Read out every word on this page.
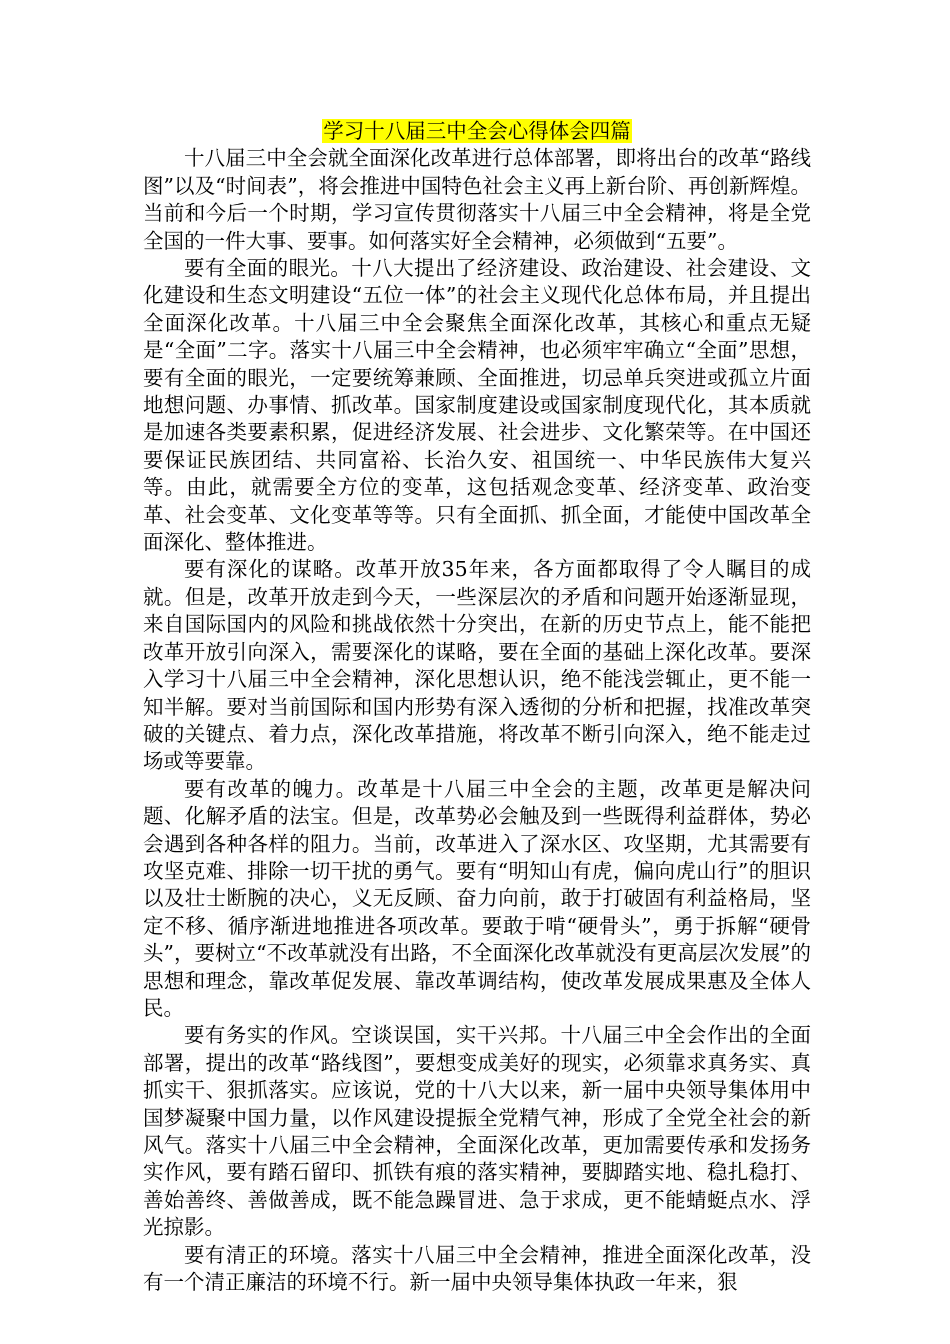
学习十八届三中全会心得体会四篇

十八届三中全会就全面深化改革进行总体部署，即将出台的改革“路线图”以及“时间表”，将会推进中国特色社会主义再上新台阶、再创新辉煌。当前和今后一个时期，学习宣传贯彻落实十八届三中全会精神，将是全党全国的一件大事、要事。如何落实好全会精神，必须做到“五要”。

要有全面的眼光。十八大提出了经济建设、政治建设、社会建设、文化建设和生态文明建设“五位一体”的社会主义现代化总体布局，并且提出全面深化改革。十八届三中全会聚焦全面深化改革，其核心和重点无疑是“全面”二字。落实十八届三中全会精神，也必须牢牢确立“全面”思想，要有全面的眼光，一定要统筹兼顾、全面推进，切忌单兵突进或孤立片面地想问题、办事情、抓改革。国家制度建设或国家制度现代化，其本质就是加速各类要素积累，促进经济发展、社会进步、文化繁荣等。在中国还要保证民族团结、共同富裕、长治久安、祖国统一、中华民族伟大复兴等。由此，就需要全方位的变革，这包括观念变革、经济变革、政治变革、社会变革、文化变革等等。只有全面抓、抓全面，才能使中国改革全面深化、整体推进。

要有深化的谋略。改革开放35年来，各方面都取得了令人瞩目的成就。但是，改革开放走到今天，一些深层次的矛盾和问题开始逐渐显现，来自国际国内的风险和挑战依然十分突出，在新的历史节点上，能不能把改革开放引向深入，需要深化的谋略，要在全面的基础上深化改革。要深入学习十八届三中全会精神，深化思想认识，绝不能浅尝辄止，更不能一知半解。要对当前国际和国内形势有深入透彻的分析和把握，找准改革突破的关键点、着力点，深化改革措施，将改革不断引向深入，绝不能走过场或等要靠。

要有改革的魄力。改革是十八届三中全会的主题，改革更是解决问题、化解矛盾的法宝。但是，改革势必会触及到一些既得利益群体，势必会遇到各种各样的阻力。当前，改革进入了深水区、攻坚期，尤其需要有攻坚克难、排除一切干扰的勇气。要有“明知山有虎，偏向虎山行”的胆识以及壮士断腕的决心，义无反顾、奋力向前，敢于打破固有利益格局，坚定不移、循序渐进地推进各项改革。要敢于啃“硬骨头”，勇于拆解“硬骨头”，要树立“不改革就没有出路，不全面深化改革就没有更高层次发展”的思想和理念，靠改革促发展、靠改革调结构，使改革发展成果惠及全体人民。

要有务实的作风。空谈误国，实干兴邦。十八届三中全会作出的全面部署，提出的改革“路线图”，要想变成美好的现实，必须靠求真务实、真抓实干、狠抓落实。应该说，党的十八大以来，新一届中央领导集体用中国梦凝聚中国力量，以作风建设提振全党精气神，形成了全党全社会的新风气。落实十八届三中全会精神，全面深化改革，更加需要传承和发扬务实作风，要有踏石留印、抓铁有痕的落实精神，要脚踏实地、稳扎稳打、善始善终、善做善成，既不能急躁冒进、急于求成，更不能蜻蜓点水、浮光掠影。

要有清正的环境。落实十八届三中全会精神，推进全面深化改革，没有一个清正廉洁的环境不行。新一届中央领导集体执政一年来，狠
